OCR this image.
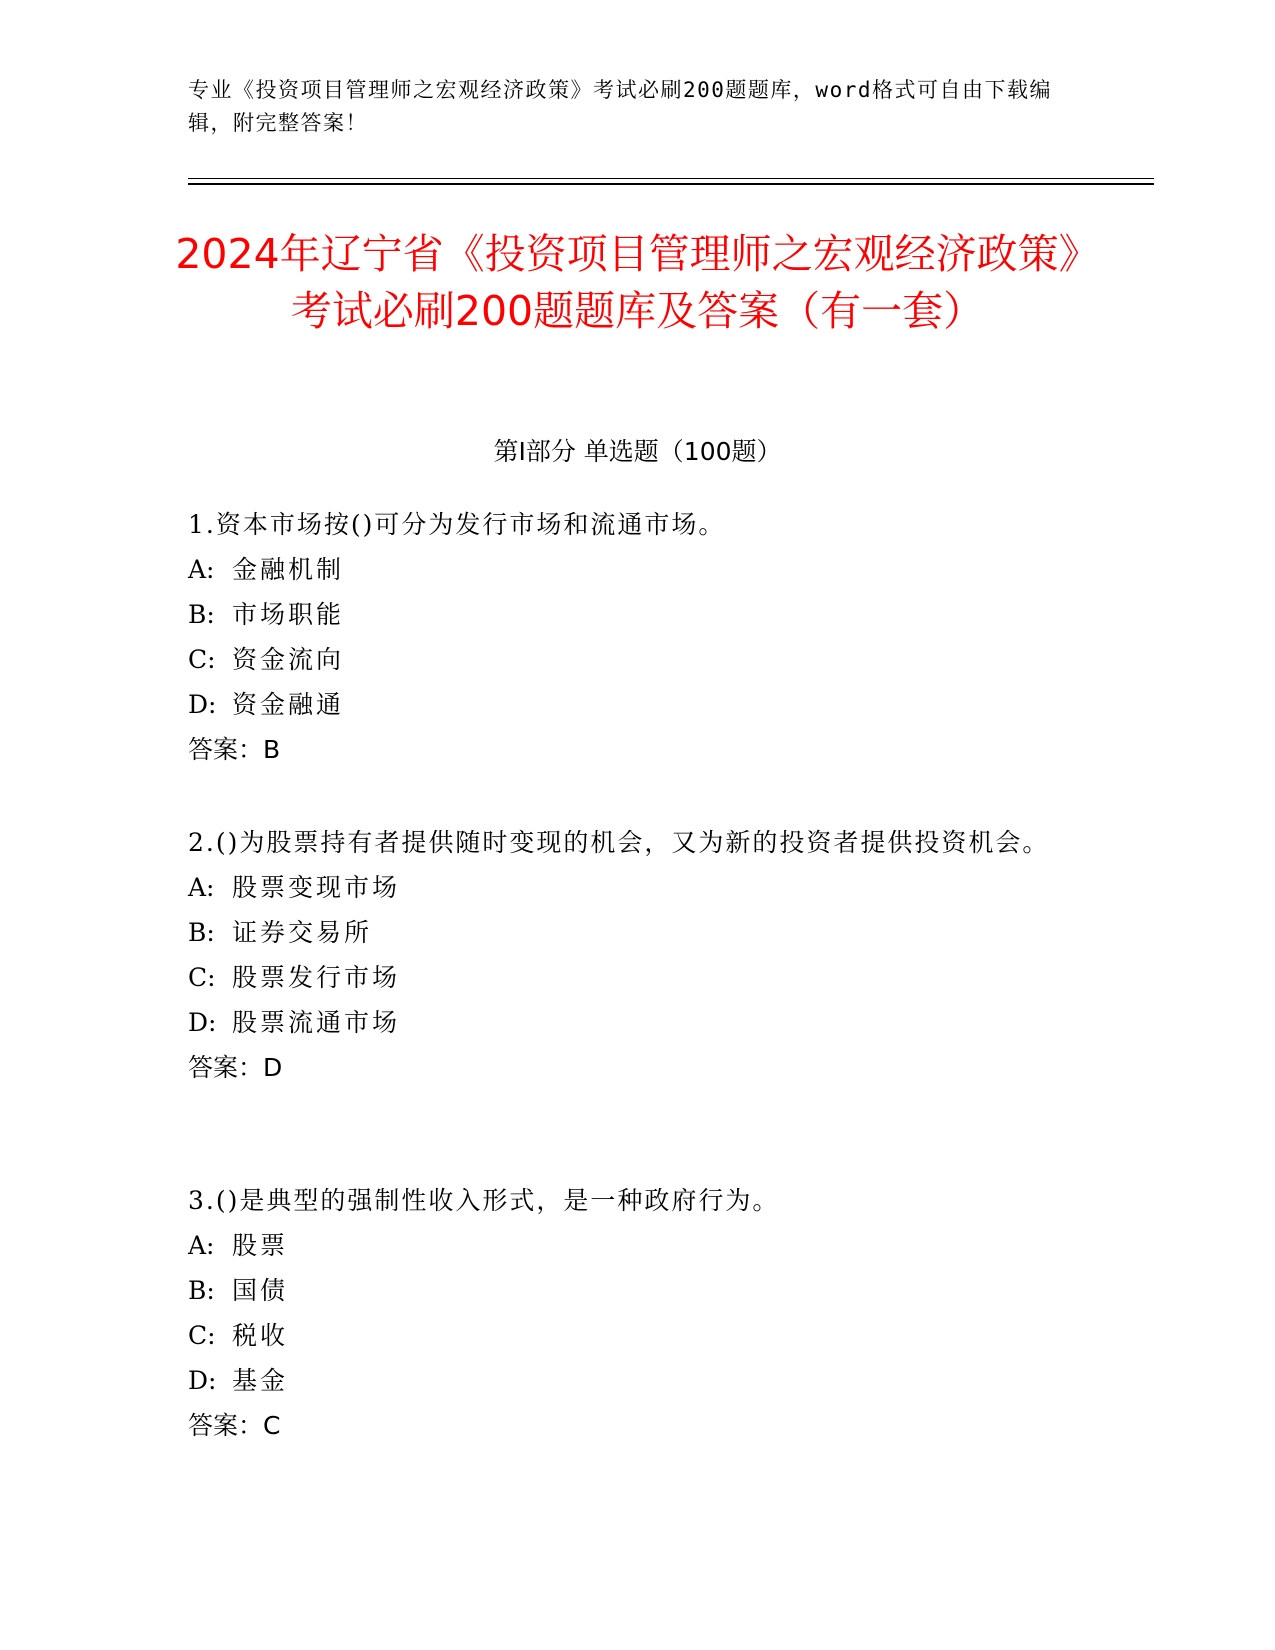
专业《投资项目管理师之宏观经济政策》考试必刷200题题库，word格式可自由下载编辑，附完整答案！
2024年辽宁省《投资项目管理师之宏观经济政策》考试必刷200题题库及答案（有一套）
第I部分 单选题（100题）

1.资本市场按()可分为发行市场和流通市场。

A: 金融机制

B: 市场职能

C: 资金流向

D: 资金融通

答案：B

2.()为股票持有者提供随时变现的机会，又为新的投资者提供投资机会。

A: 股票变现市场

B: 证券交易所

C: 股票发行市场

D: 股票流通市场

答案：D

3.()是典型的强制性收入形式，是一种政府行为。

A: 股票

B: 国债

C: 税收

D: 基金

答案：C
